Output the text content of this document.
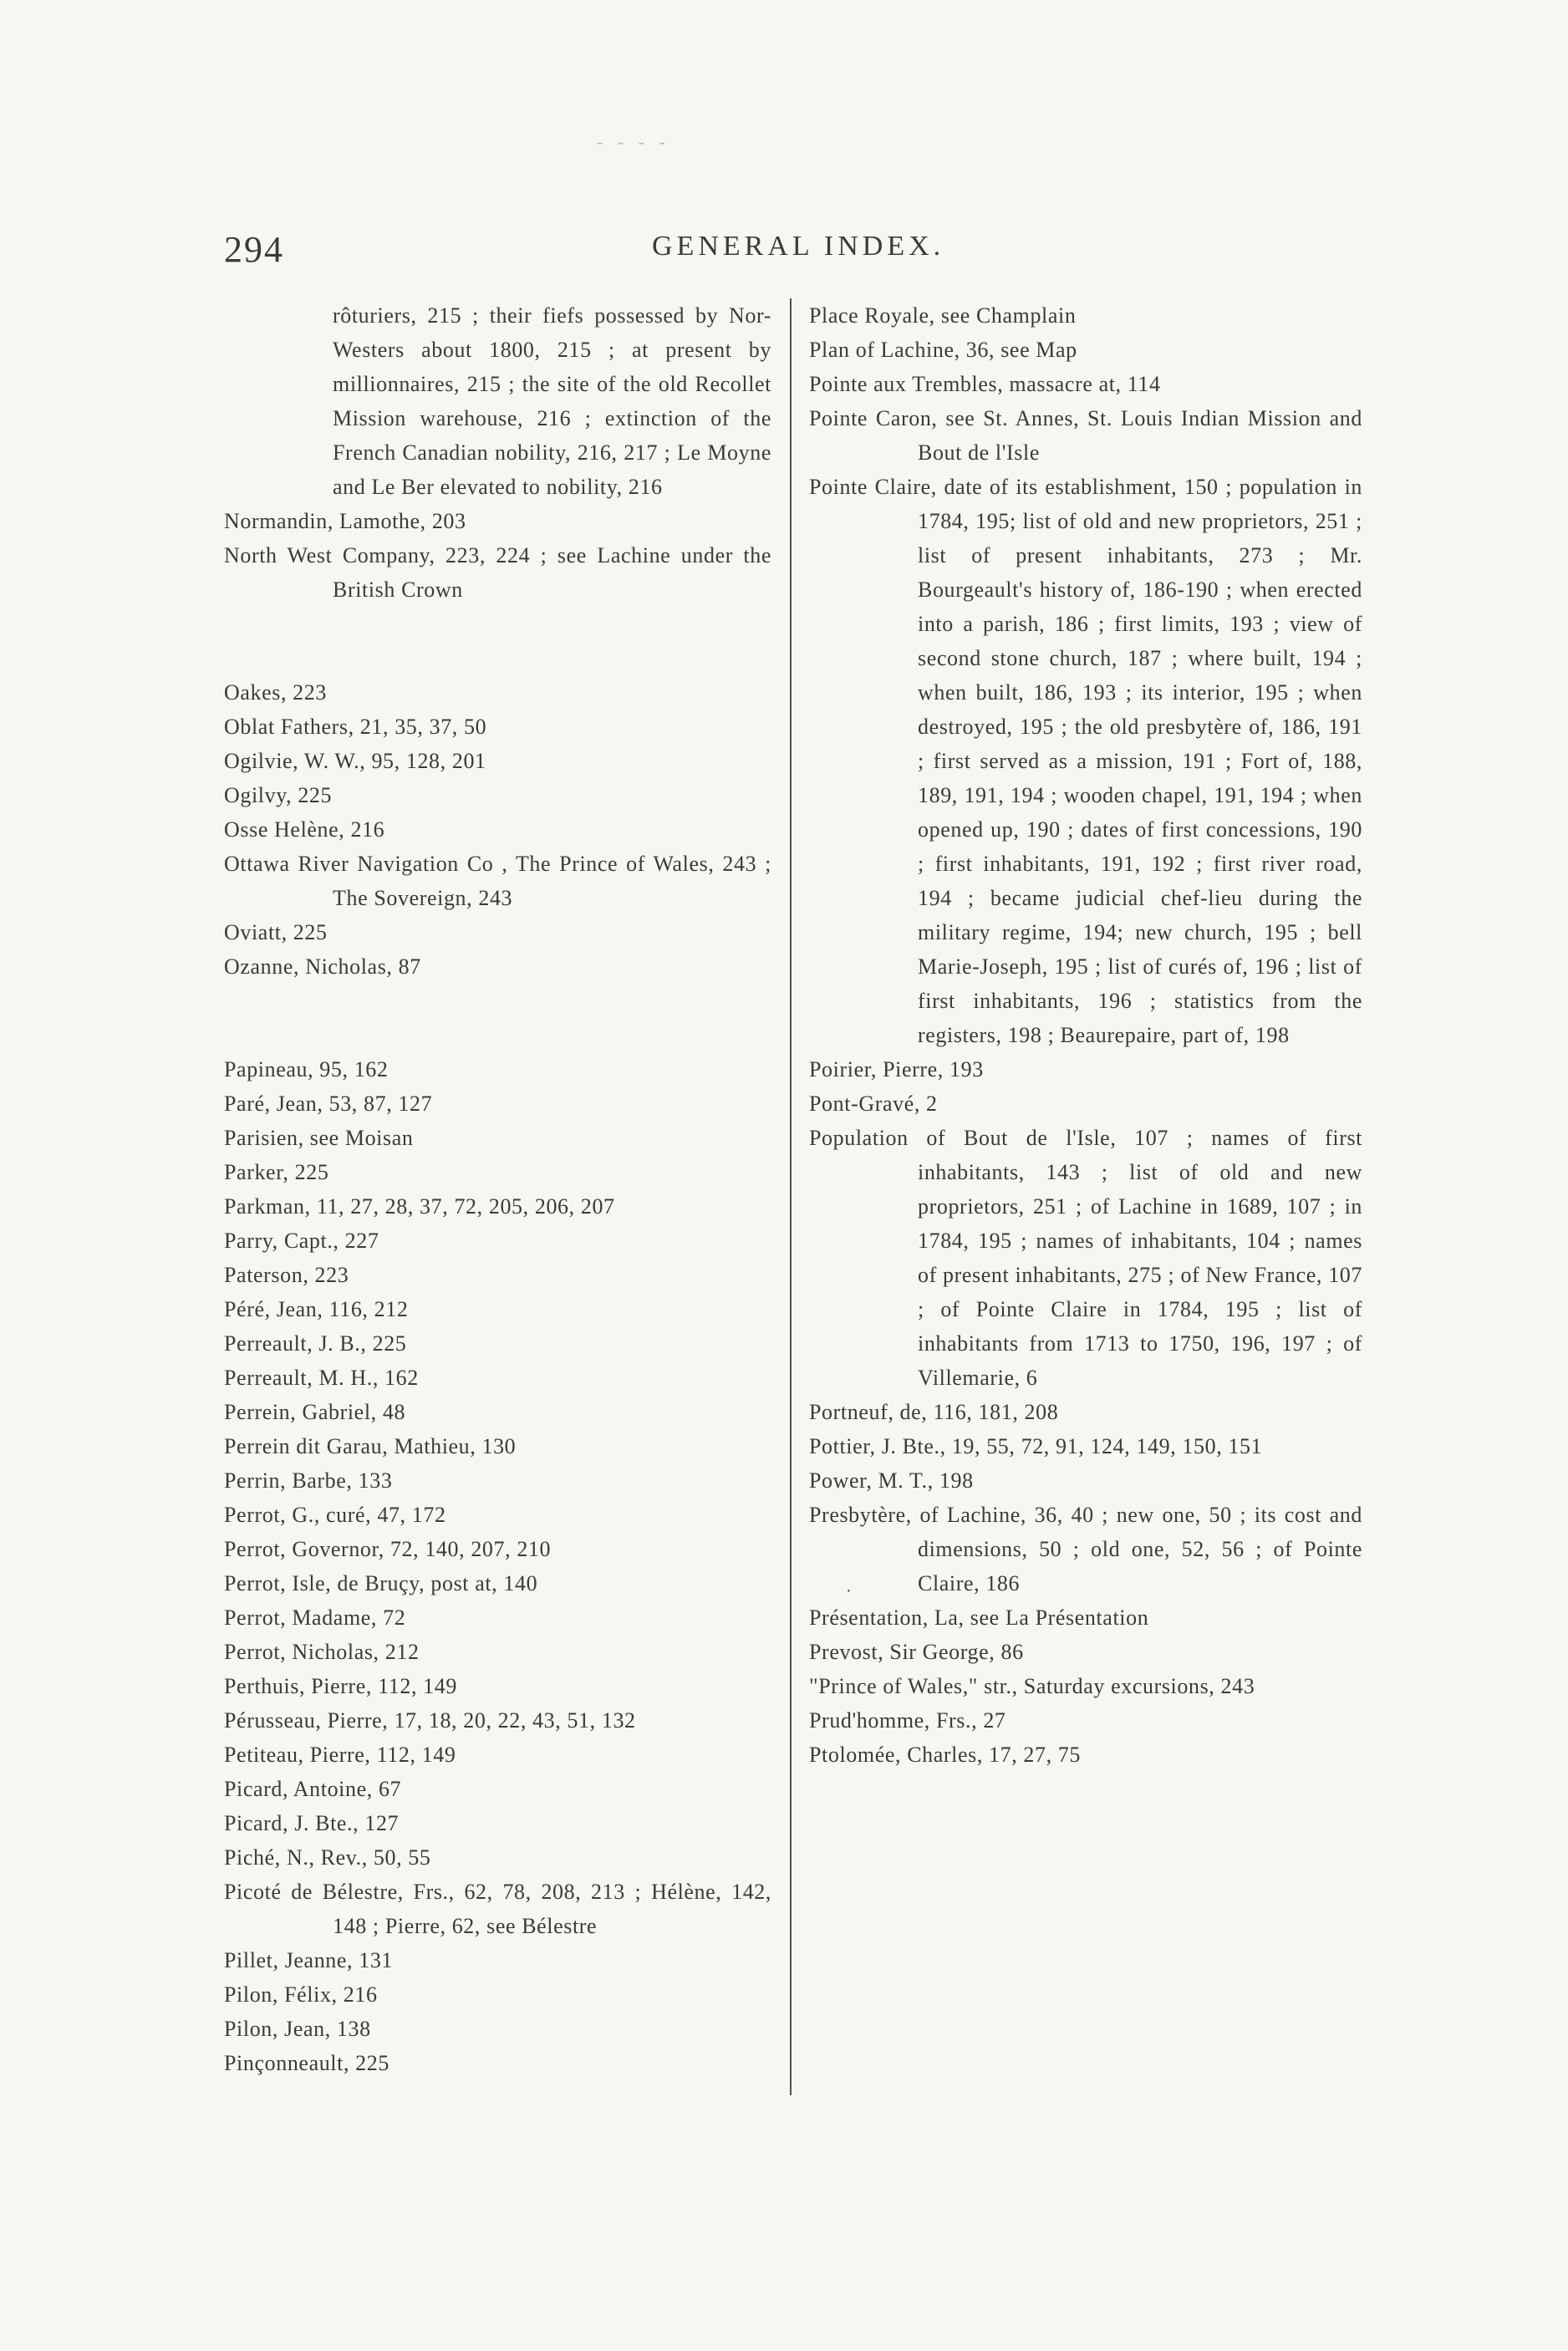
- - - -
294	GENERAL INDEX.
rôturiers, 215 ; their fiefs possessed by Nor-Westers about 1800, 215 ; at present by millionnaires, 215 ; the site of the old Recollet Mission warehouse, 216 ; extinction of the French Canadian nobility, 216, 217 ; Le Moyne and Le Ber elevated to nobility, 216
Normandin, Lamothe, 203
North West Company, 223, 224 ; see Lachine under the British Crown
Oakes, 223
Oblat Fathers, 21, 35, 37, 50
Ogilvie, W. W., 95, 128, 201
Ogilvy, 225
Osse Helène, 216
Ottawa River Navigation Co , The Prince of Wales, 243 ; The Sovereign, 243
Oviatt, 225
Ozanne, Nicholas, 87
Papineau, 95, 162
Paré, Jean, 53, 87, 127
Parisien, see Moisan
Parker, 225
Parkman, 11, 27, 28, 37, 72, 205, 206, 207
Parry, Capt., 227
Paterson, 223
Péré, Jean, 116, 212
Perreault, J. B., 225
Perreault, M. H., 162
Perrein, Gabriel, 48
Perrein dit Garau, Mathieu, 130
Perrin, Barbe, 133
Perrot, G., curé, 47, 172
Perrot, Governor, 72, 140, 207, 210
Perrot, Isle, de Bruçy, post at, 140
Perrot, Madame, 72
Perrot, Nicholas, 212
Perthuis, Pierre, 112, 149
Pérusseau, Pierre, 17, 18, 20, 22, 43, 51, 132
Petiteau, Pierre, 112, 149
Picard, Antoine, 67
Picard, J. Bte., 127
Piché, N., Rev., 50, 55
Picoté de Bélestre, Frs., 62, 78, 208, 213 ; Hélène, 142, 148 ; Pierre, 62, see Bélestre
Pillet, Jeanne, 131
Pilon, Félix, 216
Pilon, Jean, 138
Pinçonneault, 225
Place Royale, see Champlain
Plan of Lachine, 36, see Map
Pointe aux Trembles, massacre at, 114
Pointe Caron, see St. Annes, St. Louis Indian Mission and Bout de l'Isle
Pointe Claire, date of its establishment, 150 ; population in 1784, 195; list of old and new proprietors, 251 ; list of present inhabitants, 273 ; Mr. Bourgeault's history of, 186-190 ; when erected into a parish, 186 ; first limits, 193 ; view of second stone church, 187 ; where built, 194 ; when built, 186, 193 ; its interior, 195 ; when destroyed, 195 ; the old presbytère of, 186, 191 ; first served as a mission, 191 ; Fort of, 188, 189, 191, 194 ; wooden chapel, 191, 194 ; when opened up, 190 ; dates of first concessions, 190 ; first inhabitants, 191, 192 ; first river road, 194 ; became judicial chef-lieu during the military regime, 194; new church, 195 ; bell Marie-Joseph, 195 ; list of curés of, 196 ; list of first inhabitants, 196 ; statistics from the registers, 198 ; Beaurepaire, part of, 198
Poirier, Pierre, 193
Pont-Gravé, 2
Population of Bout de l'Isle, 107 ; names of first inhabitants, 143 ; list of old and new proprietors, 251 ; of Lachine in 1689, 107 ; in 1784, 195 ; names of inhabitants, 104 ; names of present inhabitants, 275 ; of New France, 107 ; of Pointe Claire in 1784, 195 ; list of inhabitants from 1713 to 1750, 196, 197 ; of Villemarie, 6
Portneuf, de, 116, 181, 208
Pottier, J. Bte., 19, 55, 72, 91, 124, 149, 150, 151
Power, M. T., 198
Presbytère, of Lachine, 36, 40 ; new one, 50 ; its cost and dimensions, 50 ; old one, 52, 56 ; of Pointe Claire, 186
Présentation, La, see La Présentation
Prevost, Sir George, 86
"Prince of Wales," str., Saturday excursions, 243
Prud'homme, Frs., 27
Ptolomée, Charles, 17, 27, 75
·
